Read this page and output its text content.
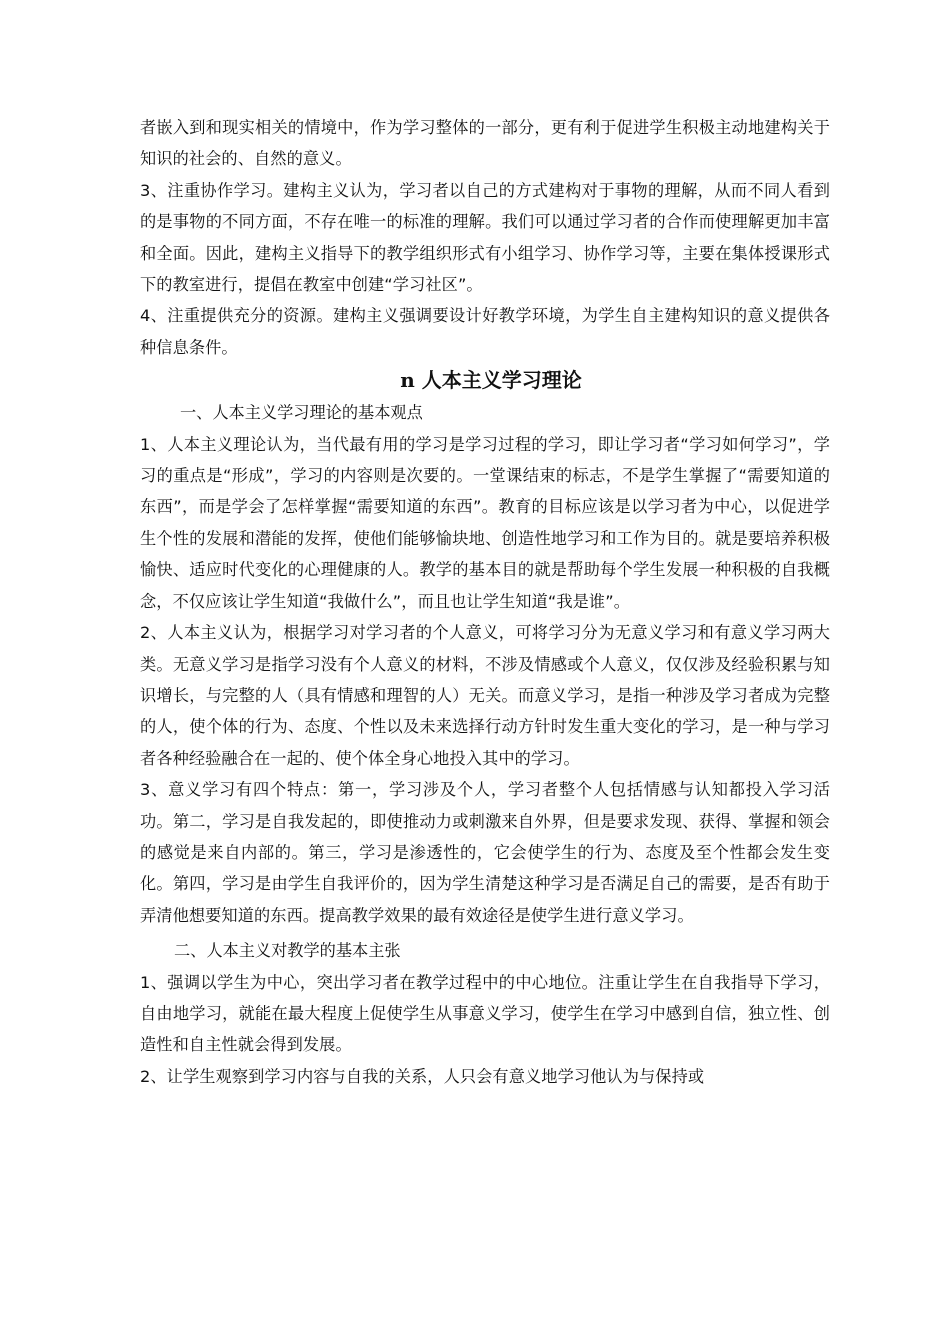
者嵌入到和现实相关的情境中，作为学习整体的一部分，更有利于促进学生积极主动地建构关于知识的社会的、自然的意义。

3、注重协作学习。建构主义认为，学习者以自己的方式建构对于事物的理解，从而不同人看到的是事物的不同方面，不存在唯一的标准的理解。我们可以通过学习者的合作而使理解更加丰富和全面。因此，建构主义指导下的教学组织形式有小组学习、协作学习等，主要在集体授课形式下的教室进行，提倡在教室中创建“学习社区”。

4、注重提供充分的资源。建构主义强调要设计好教学环境，为学生自主建构知识的意义提供各种信息条件。

n 人本主义学习理论

一、人本主义学习理论的基本观点

1、人本主义理论认为，当代最有用的学习是学习过程的学习，即让学习者“学习如何学习”，学习的重点是“形成”，学习的内容则是次要的。一堂课结束的标志，不是学生掌握了“需要知道的东西”，而是学会了怎样掌握“需要知道的东西”。教育的目标应该是以学习者为中心，以促进学生个性的发展和潜能的发挥，使他们能够愉块地、创造性地学习和工作为目的。就是要培养积极愉快、适应时代变化的心理健康的人。教学的基本目的就是帮助每个学生发展一种积极的自我概念，不仅应该让学生知道“我做什么”，而且也让学生知道“我是谁”。

2、人本主义认为，根据学习对学习者的个人意义，可将学习分为无意义学习和有意义学习两大类。无意义学习是指学习没有个人意义的材料，不涉及情感或个人意义，仅仅涉及经验积累与知识增长，与完整的人（具有情感和理智的人）无关。而意义学习，是指一种涉及学习者成为完整的人，使个体的行为、态度、个性以及未来选择行动方针时发生重大变化的学习，是一种与学习者各种经验融合在一起的、使个体全身心地投入其中的学习。

3、意义学习有四个特点：第一，学习涉及个人，学习者整个人包括情感与认知都投入学习活功。第二，学习是自我发起的，即使推动力或刺激来自外界，但是要求发现、获得、掌握和领会的感觉是来自内部的。第三，学习是渗透性的，它会使学生的行为、态度及至个性都会发生变化。第四，学习是由学生自我评价的，因为学生清楚这种学习是否满足自己的需要，是否有助于弄清他想要知道的东西。提高教学效果的最有效途径是使学生进行意义学习。

二、人本主义对教学的基本主张

1、强调以学生为中心，突出学习者在教学过程中的中心地位。注重让学生在自我指导下学习，自由地学习，就能在最大程度上促使学生从事意义学习，使学生在学习中感到自信，独立性、创造性和自主性就会得到发展。

2、让学生观察到学习内容与自我的关系，人只会有意义地学习他认为与保持或
